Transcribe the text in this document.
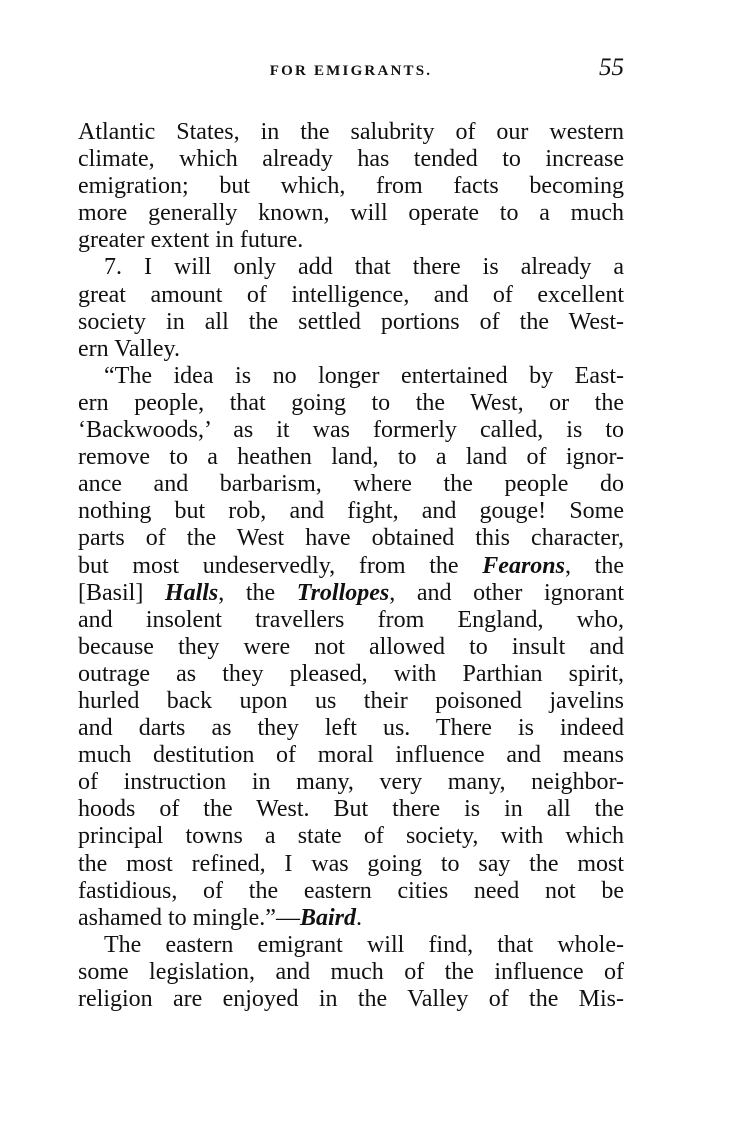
FOR EMIGRANTS.	55
Atlantic States, in the salubrity of our western
climate, which already has tended to increase
emigration; but which, from facts becoming
more generally known, will operate to a much
greater extent in future.
7. I will only add that there is already a
great amount of intelligence, and of excellent
society in all the settled portions of the West-
ern Valley.
“The idea is no longer entertained by East-
ern people, that going to the West, or the
‘Backwoods,’ as it was formerly called, is to
remove to a heathen land, to a land of ignor-
ance and barbarism, where the people do
nothing but rob, and fight, and gouge! Some
parts of the West have obtained this character,
but most undeservedly, from the Fearons, the
[Basil] Halls, the Trollopes, and other ignorant
and insolent travellers from England, who,
because they were not allowed to insult and
outrage as they pleased, with Parthian spirit,
hurled back upon us their poisoned javelins
and darts as they left us. There is indeed
much destitution of moral influence and means
of instruction in many, very many, neighbor-
hoods of the West. But there is in all the
principal towns a state of society, with which
the most refined, I was going to say the most
fastidious, of the eastern cities need not be
ashamed to mingle.”—Baird.
The eastern emigrant will find, that whole-
some legislation, and much of the influence of
religion are enjoyed in the Valley of the Mis-
